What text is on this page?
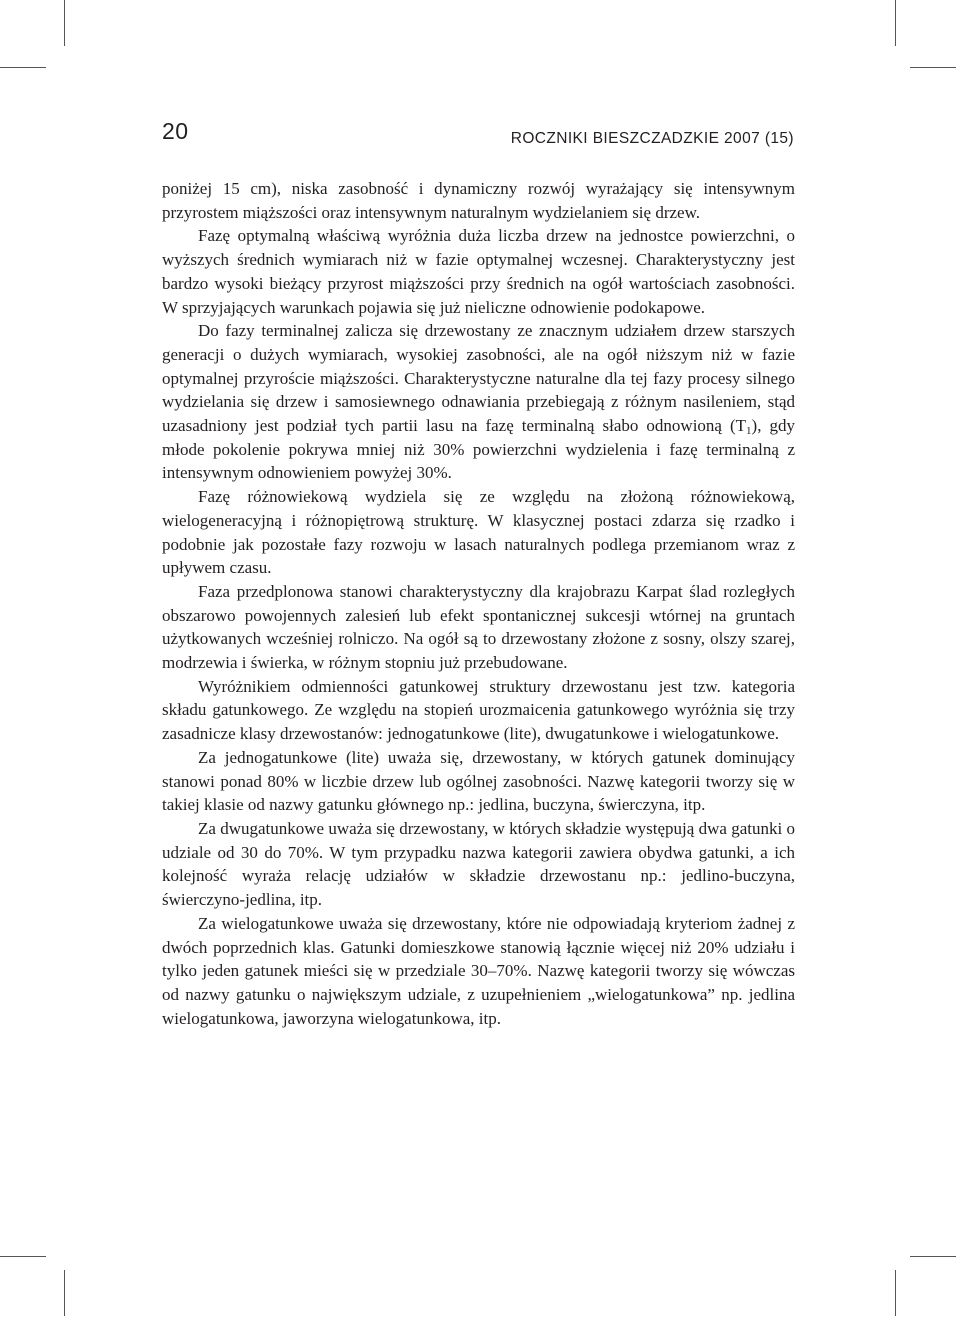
20	ROCZNIKI BIESZCZADZKIE 2007 (15)

poniżej 15 cm), niska zasobność i dynamiczny rozwój wyrażający się intensywnym przyrostem miąższości oraz intensywnym naturalnym wydzielaniem się drzew.

Fazę optymalną właściwą wyróżnia duża liczba drzew na jednostce powierzchni, o wyższych średnich wymiarach niż w fazie optymalnej wczesnej. Charakterystyczny jest bardzo wysoki bieżący przyrost miąższości przy średnich na ogół wartościach zasobności. W sprzyjających warunkach pojawia się już nieliczne odnowienie podokapowe.

Do fazy terminalnej zalicza się drzewostany ze znacznym udziałem drzew starszych generacji o dużych wymiarach, wysokiej zasobności, ale na ogół niższym niż w fazie optymalnej przyroście miąższości. Charakterystyczne naturalne dla tej fazy procesy silnego wydzielania się drzew i samosiewnego odnawiania przebiegają z różnym nasileniem, stąd uzasadniony jest podział tych partii lasu na fazę terminalną słabo odnowioną $(T_1)$, gdy młode pokolenie pokrywa mniej niż 30% powierzchni wydzielenia i fazę terminalną z intensywnym odnowieniem powyżej 30%.

Fazę różnowiekową wydziela się ze względu na złożoną różnowiekową, wielogeneracyjną i różnopiętrową strukturę. W klasycznej postaci zdarza się rzadko i podobnie jak pozostałe fazy rozwoju w lasach naturalnych podlega przemianom wraz z upływem czasu.

Faza przedplonowa stanowi charakterystyczny dla krajobrazu Karpat ślad rozległych obszarowo powojennych zalesień lub efekt spontanicznej sukcesji wtórnej na gruntach użytkowanych wcześniej rolniczo. Na ogół są to drzewostany złożone z sosny, olszy szarej, modrzewia i świerka, w różnym stopniu już przebudowane.

Wyróżnikiem odmienności gatunkowej struktury drzewostanu jest tzw. kategoria składu gatunkowego. Ze względu na stopień urozmaicenia gatunkowego wyróżnia się trzy zasadnicze klasy drzewostanów: jednogatunkowe (lite), dwugatunkowe i wielogatunkowe.

Za jednogatunkowe (lite) uważa się, drzewostany, w których gatunek dominujący stanowi ponad 80% w liczbie drzew lub ogólnej zasobności. Nazwę kategorii tworzy się w takiej klasie od nazwy gatunku głównego np.: jedlina, buczyna, świerczyna, itp.

Za dwugatunkowe uważa się drzewostany, w których składzie występują dwa gatunki o udziale od 30 do 70%. W tym przypadku nazwa kategorii zawiera obydwa gatunki, a ich kolejność wyraża relację udziałów w składzie drzewostanu np.: jedlino-buczyna, świerczyno-jedlina, itp.

Za wielogatunkowe uważa się drzewostany, które nie odpowiadają kryteriom żadnej z dwóch poprzednich klas. Gatunki domieszkowe stanowią łącznie więcej niż 20% udziału i tylko jeden gatunek mieści się w przedziale 30–70%. Nazwę kategorii tworzy się wówczas od nazwy gatunku o największym udziale, z uzupełnieniem „wielogatunkowa” np. jedlina wielogatunkowa, jaworzyna wielogatunkowa, itp.
